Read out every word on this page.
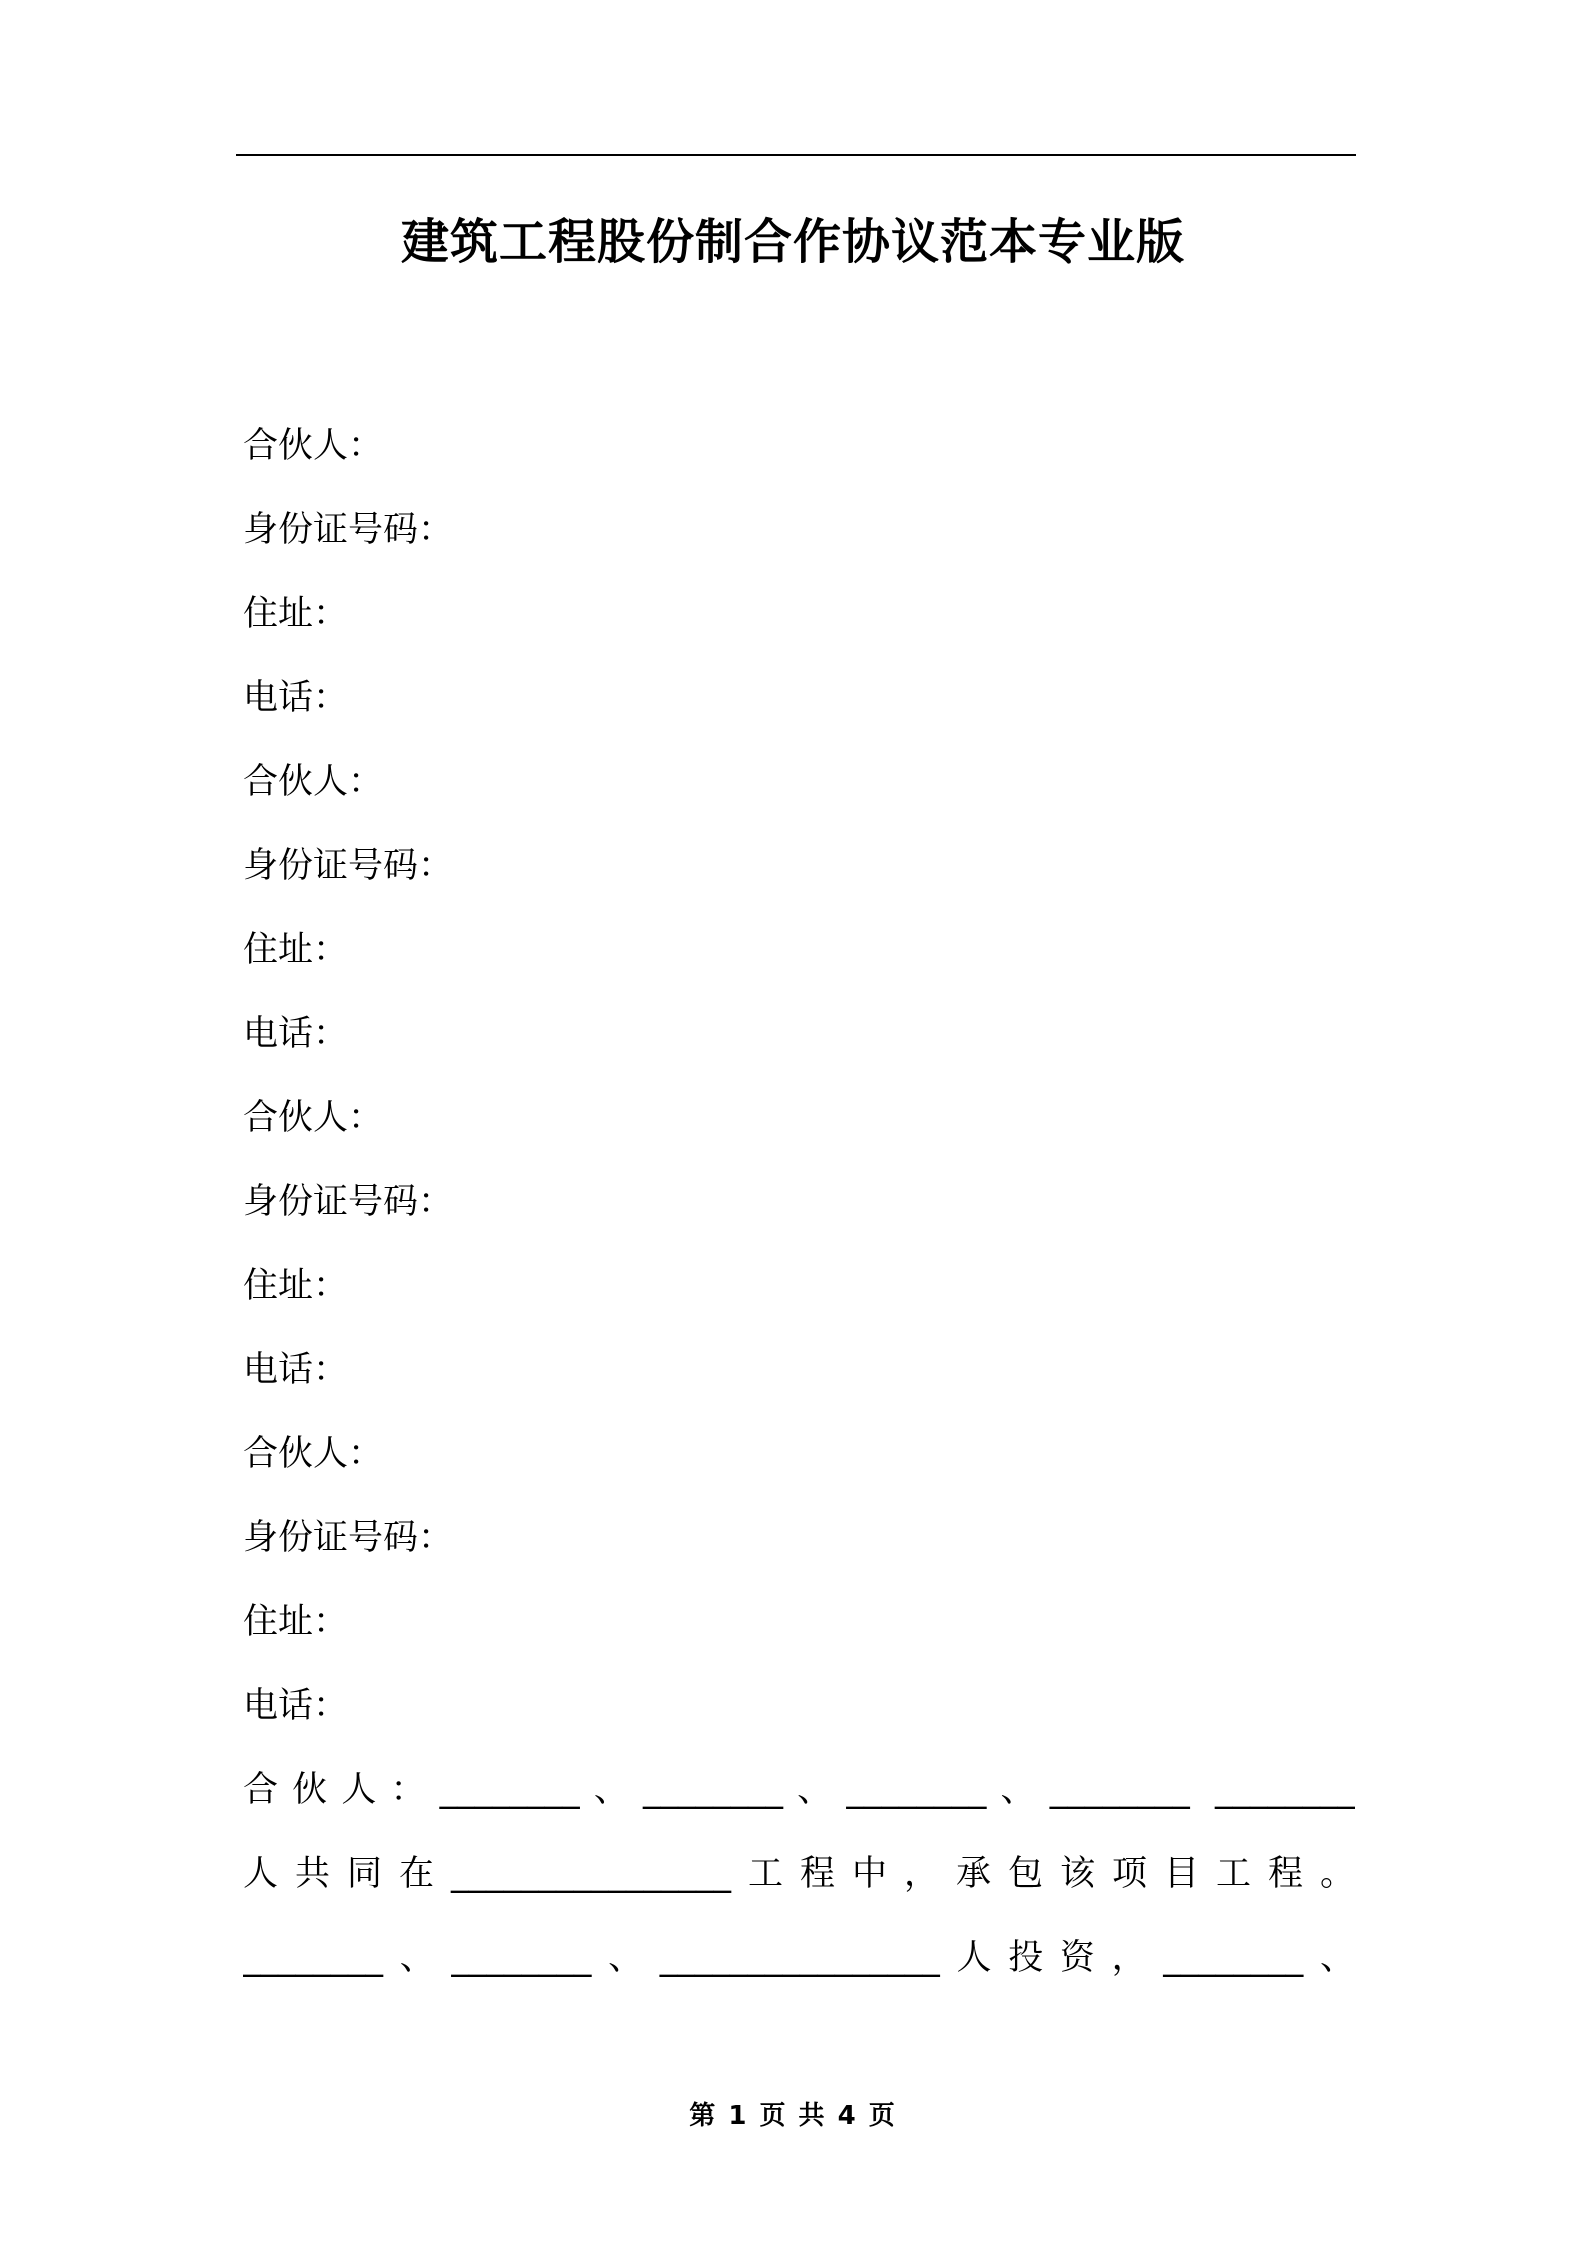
建筑工程股份制合作协议范本专业版
合伙人：
身份证号码：
住址：
电话：
合伙人：
身份证号码：
住址：
电话：
合伙人：
身份证号码：
住址：
电话：
合伙人：
身份证号码：
住址：
电话：
合伙人：________、________、________、________ ________
人共同在________________工程中，承包该项目工程。
________、________、________________人投资，________、
第 1 页 共 4 页
